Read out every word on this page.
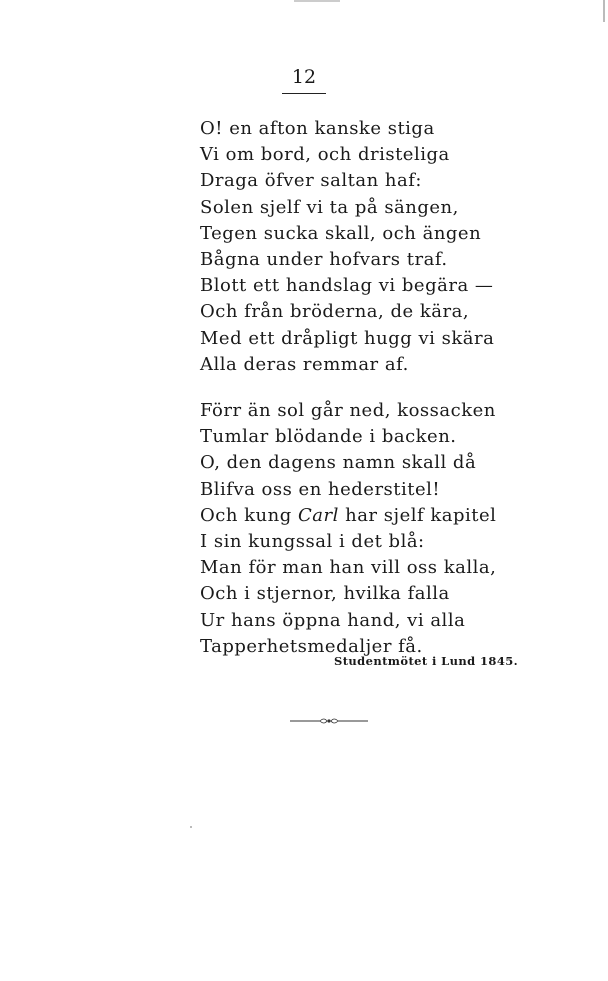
12
O! en afton kanske stiga
Vi om bord, och dristeliga
Draga öfver saltan haf:
Solen sjelf vi ta på sängen,
Tegen sucka skall, och ängen
Bågna under hofvars traf.
Blott ett handslag vi begära —
Och från bröderna, de kära,
Med ett dråpligt hugg vi skära
Alla deras remmar af.
Förr än sol går ned, kossacken
Tumlar blödande i backen.
O, den dagens namn skall då
Blifva oss en hederstitel!
Och kung Carl har sjelf kapitel
I sin kungssal i det blå:
Man för man han vill oss kalla,
Och i stjernor, hvilka falla
Ur hans öppna hand, vi alla
Tapperhetsmedaljer få.
Studentmötet i Lund 1845.
